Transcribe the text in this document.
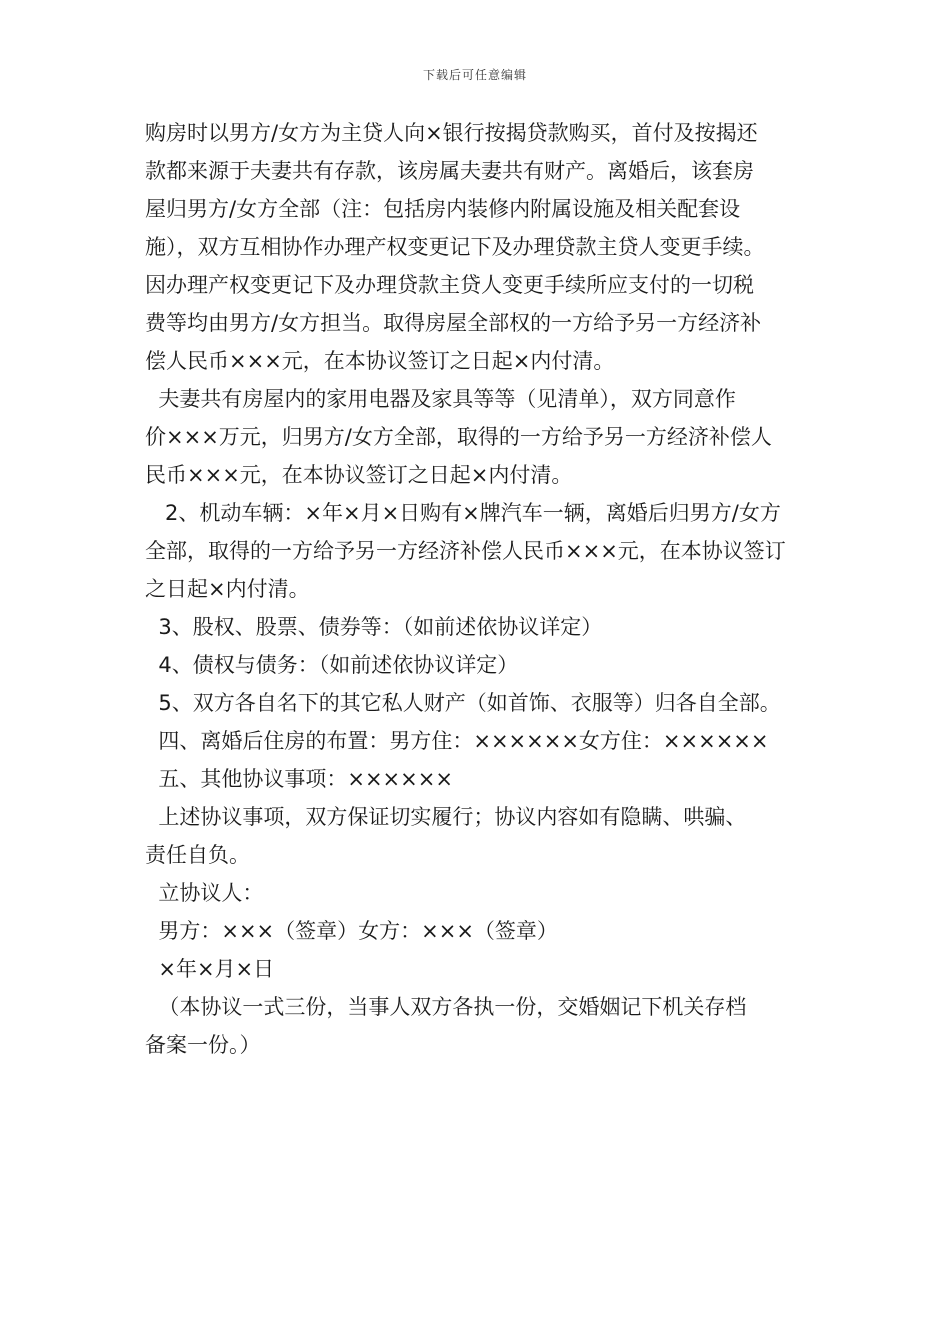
下载后可任意编辑
购房时以男方/女方为主贷人向×银行按揭贷款购买，首付及按揭还
款都来源于夫妻共有存款，该房属夫妻共有财产。离婚后，该套房
屋归男方/女方全部（注：包括房内装修内附属设施及相关配套设
施），双方互相协作办理产权变更记下及办理贷款主贷人变更手续。
因办理产权变更记下及办理贷款主贷人变更手续所应支付的一切税
费等均由男方/女方担当。取得房屋全部权的一方给予另一方经济补
偿人民币×××元，在本协议签订之日起×内付清。
夫妻共有房屋内的家用电器及家具等等（见清单），双方同意作
价×××万元，归男方/女方全部，取得的一方给予另一方经济补偿人
民币×××元，在本协议签订之日起×内付清。
2、机动车辆：×年×月×日购有×牌汽车一辆，离婚后归男方/女方
全部，取得的一方给予另一方经济补偿人民币×××元，在本协议签订
之日起×内付清。
3、股权、股票、债券等：（如前述依协议详定）
4、债权与债务：（如前述依协议详定）
5、双方各自名下的其它私人财产（如首饰、衣服等）归各自全部。
四、离婚后住房的布置：男方住：××××××女方住：××××××
五、其他协议事项：××××××
上述协议事项，双方保证切实履行；协议内容如有隐瞒、哄骗、
责任自负。
立协议人：
男方：×××（签章）女方：×××（签章）
×年×月×日
（本协议一式三份，当事人双方各执一份，交婚姻记下机关存档
备案一份。）
